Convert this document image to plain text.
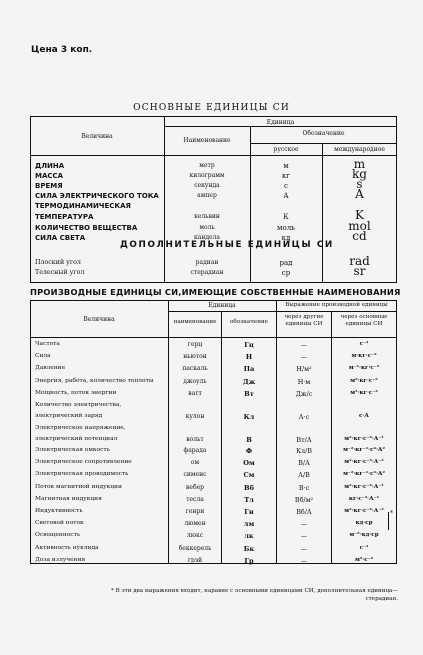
Цена 3 коп.
ОСНОВНЫЕ ЕДИНИЦЫ СИ
Величина
Единица
Наименование
Обозначение
русское	международное
ДЛИНА	метр	м	m
МАССА	килограмм	кг	kg
ВРЕМЯ	секунда	с	s
СИЛА ЭЛЕКТРИЧЕСКОГО ТОКА	ампер	А	A
ТЕРМОДИНАМИЧЕСКАЯ
ТЕМПЕРАТУРА	кельвин	К	K
КОЛИЧЕСТВО ВЕЩЕСТВА	моль	моль	mol
СИЛА СВЕТА	кандела	кд	cd
ДОПОЛНИТЕЛЬНЫЕ ЕДИНИЦЫ СИ
Плоский угол	радиан	рад	rad
Телесный угол	стерадиан	ср	sr
ПРОИЗВОДНЫЕ ЕДИНИЦЫ СИ,ИМЕЮЩИЕ СОБСТВЕННЫЕ НАИМЕНОВАНИЯ
Величина
Единица
наименование	обозначение
Выражение производной единицы
через другие единицы СИ
через основные единицы СИ
Частота	герц	Гц	—	с⁻¹
Сила	ньютон	Н	—	м·кг·с⁻²
Давление	паскаль	Па	Н/м²	м⁻¹·кг·с⁻²
Энергия, работа, количество теплоты	джоуль	Дж	Н·м	м²·кг·с⁻²
Мощность, поток энергии	ватт	Вт	Дж/с	м²·кг·с⁻³
Количество электричества,
электрический заряд	кулон	Кл	А·с	с·А
Электрическое напряжение,
электрический потенциал	вольт	В	Вт/А	м²·кг·с⁻³·А⁻¹
Электрическая емкость	фарада	Ф	Кл/В	м⁻²·кг⁻¹·с⁴·А²
Электрическое сопротивление	ом	Ом	В/А	м²·кг·с⁻³·А⁻²
Электрическая проводимость	сименс	См	А/В	м⁻²·кг⁻¹·с³·А²
Поток магнитной индукции	вебер	Вб	В·с	м²·кг·с⁻²·А⁻¹
Магнитная индукция	тесла	Тл	Вб/м²	кг·с⁻²·А⁻¹
Индуктивность	генри	Гн	Вб/А	м²·кг·с⁻²·А⁻²
Световой поток	люмен	лм	—	кд·ср
Освещенность	люкс	лк	—	м⁻²·кд·ср
Активность нуклида	беккерель	Бк	—	с⁻¹
Доза излучения	грэй	Гр	—	м²·с⁻²
*
* В эти два выражения входит, наравне с основными единицами СИ, дополнительная единица—стерадиан.
